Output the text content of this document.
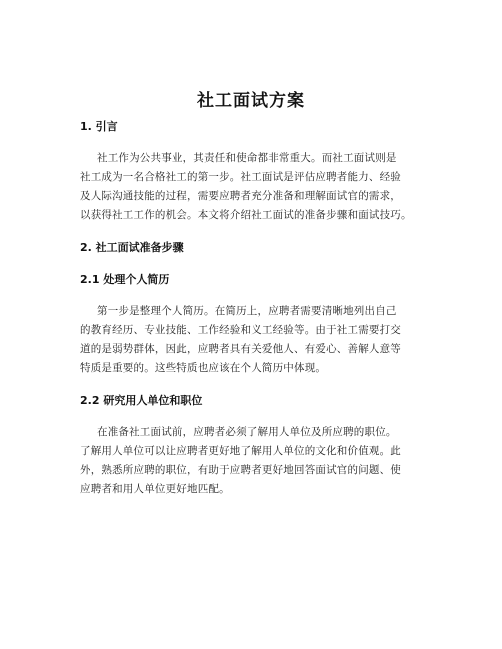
社工面试方案
1. 引言
社工作为公共事业，其责任和使命都非常重大。而社工面试则是
社工成为一名合格社工的第一步。社工面试是评估应聘者能力、经验
及人际沟通技能的过程，需要应聘者充分准备和理解面试官的需求，
以获得社工工作的机会。本文将介绍社工面试的准备步骤和面试技巧。
2. 社工面试准备步骤
2.1 处理个人简历
第一步是整理个人简历。在简历上，应聘者需要清晰地列出自己
的教育经历、专业技能、工作经验和义工经验等。由于社工需要打交
道的是弱势群体，因此，应聘者具有关爱他人、有爱心、善解人意等
特质是重要的。这些特质也应该在个人简历中体现。
2.2 研究用人单位和职位
在准备社工面试前，应聘者必须了解用人单位及所应聘的职位。
了解用人单位可以让应聘者更好地了解用人单位的文化和价值观。此
外，熟悉所应聘的职位，有助于应聘者更好地回答面试官的问题、使
应聘者和用人单位更好地匹配。
